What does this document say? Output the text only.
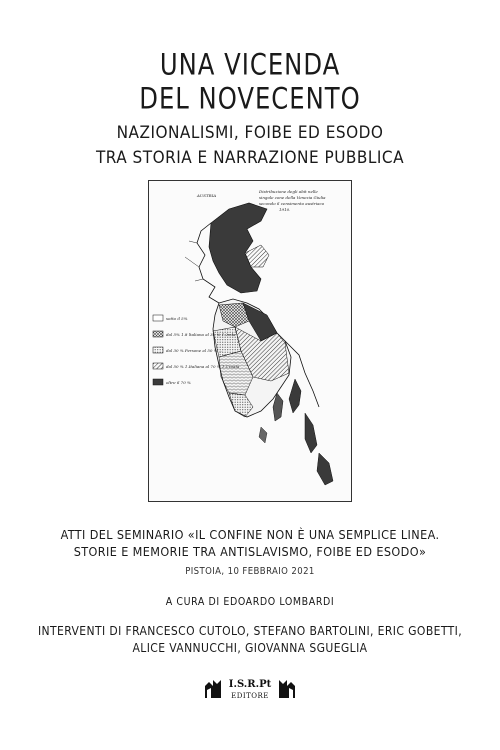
UNA VICENDA
DEL NOVECENTO
NAZIONALISMI, FOIBE ED ESODO
TRA STORIA E NARRAZIONE PUBBLICA
Distribuzione degli abit nelle
singole zone della Venezia Giulia
secondo il censimento austriaco
1910.
AUSTRIA
sotto il 5%
dal 5% 1.8 ltaliana al 30 % 1.2mla
dal 30 % Persone al 50 % ...
dal 50 % 1.Italiana al 70 % 1.Croata
oltre il 70 %
ATTI DEL SEMINARIO «IL CONFINE NON È UNA SEMPLICE LINEA.
STORIE E MEMORIE TRA ANTISLAVISMO, FOIBE ED ESODO»
PISTOIA, 10 FEBBRAIO 2021
A CURA DI EDOARDO LOMBARDI
INTERVENTI DI FRANCESCO CUTOLO, STEFANO BARTOLINI, ERIC GOBETTI,
ALICE VANNUCCHI, GIOVANNA SGUEGLIA
I.S.R.Pt
EDITORE
